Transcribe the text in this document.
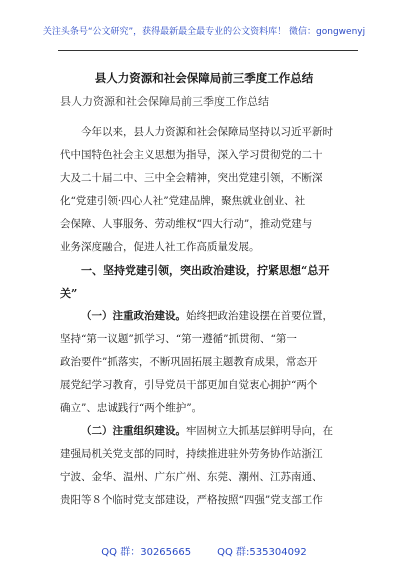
关注头条号“公文研究”，获得最新最全最专业的公文资料库！ 微信：gongwenyj
县人力资源和社会保障局前三季度工作总结
县人力资源和社会保障局前三季度工作总结
今年以来，县人力资源和社会保障局坚持以习近平新时
代中国特色社会主义思想为指导，深入学习贯彻党的二十
大及二十届二中、三中全会精神，突出党建引领，不断深
化“党建引领·四心人社”党建品牌，聚焦就业创业、社
会保障、人事服务、劳动维权“四大行动”，推动党建与
业务深度融合，促进人社工作高质量发展。
一、坚持党建引领，突出政治建设，拧紧思想“总开
关”
（一）注重政治建设。始终把政治建设摆在首要位置，
坚持“第一议题”抓学习、“第一遵循”抓贯彻、“第一
政治要件”抓落实，不断巩固拓展主题教育成果，常态开
展党纪学习教育，引导党员干部更加自觉衷心拥护“两个
确立”、忠诚践行“两个维护”。
（二）注重组织建设。牢固树立大抓基层鲜明导向，在
建强局机关党支部的同时，持续推进驻外劳务协作站浙江
宁波、金华、温州、广东广州、东莞、潮州、江苏南通、
贵阳等８个临时党支部建设，严格按照“四强”党支部工作
QQ 群：30265665	QQ 群:535304092
